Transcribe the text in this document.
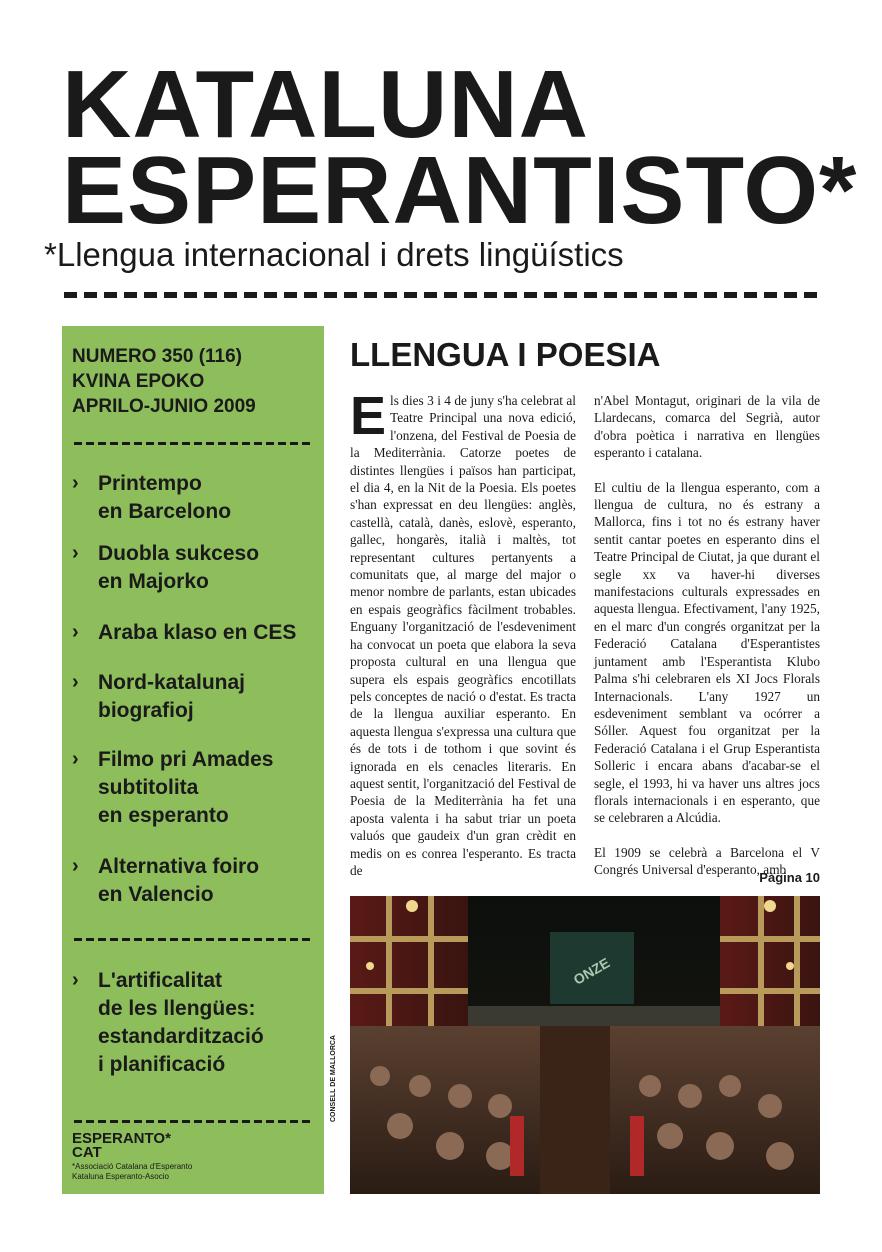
KATALUNA
ESPERANTISTO*
*Llengua internacional i drets lingüístics
NUMERO 350 (116)
KVINA EPOKO
APRILO-JUNIO 2009
› Printempo
en Barcelono
› Duobla sukceso
en Majorko
› Araba klaso en CES
› Nord-katalunaj
biografioj
› Filmo pri Amades
subtitolita
en esperanto
› Alternativa foiro
en Valencio
› L'artificalitat
de les llengües:
estandardització
i planificació
ESPERANTO*
CAT
*Associació Catalana d'Esperanto
Kataluna Esperanto-Asocio
LLENGUA I POESIA

Els dies 3 i 4 de juny s'ha celebrat al Teatre Principal una nova edició, l'onzena, del Festival de Poesia de la Mediterrània. Catorze poetes de distintes llengües i països han participat, el dia 4, en la Nit de la Poesia. Els poetes s'han expressat en deu llengües: anglès, castellà, català, danès, eslovè, esperanto, gallec, hongarès, italià i maltès, tot representant cultures pertanyents a comunitats que, al marge del major o menor nombre de parlants, estan ubicades en espais geogràfics fàcilment trobables. Enguany l'organització de l'esdeveniment ha convocat un poeta que elabora la seva proposta cultural en una llengua que supera els espais geogràfics encotillats pels conceptes de nació o d'estat. Es tracta de la llengua auxiliar esperanto. En aquesta llengua s'expressa una cultura que és de tots i de tothom i que sovint és ignorada en els cenacles literaris. En aquest sentit, l'organització del Festival de Poesia de la Mediterrània ha fet una aposta valenta i ha sabut triar un poeta valuós que gaudeix d'un gran crèdit en medis on es conrea l'esperanto. Es tracta de

n'Abel Montagut, originari de la vila de Llardecans, comarca del Segrià, autor d'obra poètica i narrativa en llengües esperanto i catalana.

El cultiu de la llengua esperanto, com a llengua de cultura, no és estrany a Mallorca, fins i tot no és estrany haver sentit cantar poetes en esperanto dins el Teatre Principal de Ciutat, ja que durant el segle xx va haver-hi diverses manifestacions culturals expressades en aquesta llengua. Efectivament, l'any 1925, en el marc d'un congrés organitzat per la Federació Catalana d'Esperantistes juntament amb l'Esperantista Klubo Palma s'hi celebraren els XI Jocs Florals Internacionals. L'any 1927 un esdeveniment semblant va ocórrer a Sóller. Aquest fou organitzat per la Federació Catalana i el Grup Esperantista Solleric i encara abans d'acabar-se el segle, el 1993, hi va haver uns altres jocs florals internacionals i en esperanto, que se celebraren a Alcúdia.

El 1909 se celebrà a Barcelona el V Congrés Universal d'esperanto, amb

Pàgina 10
CONSELL DE MALLORCA
ONZE
